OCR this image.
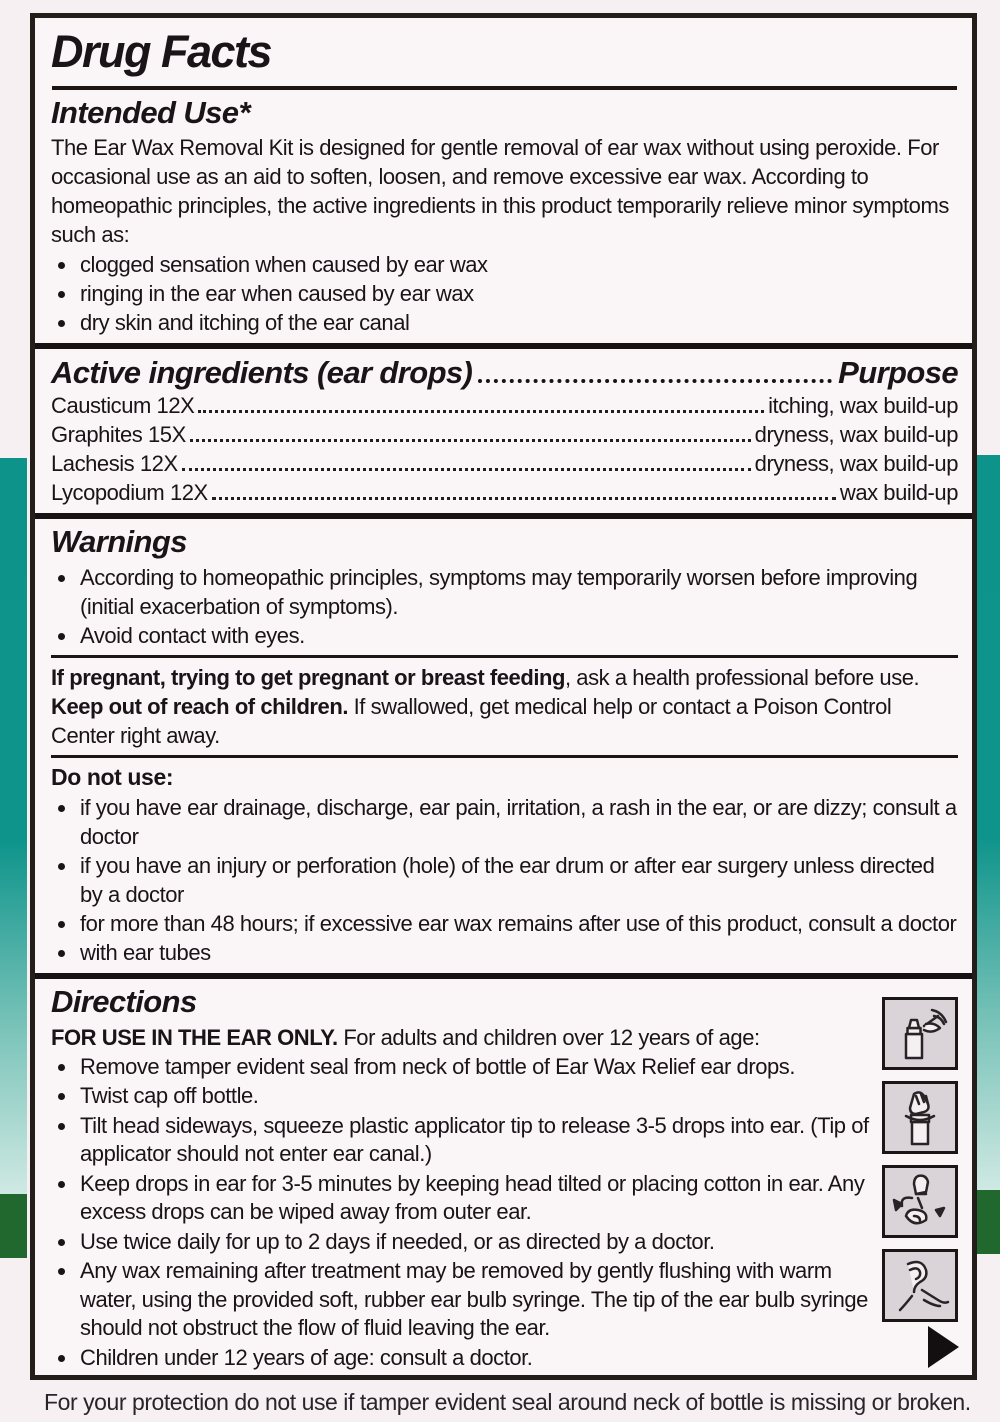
Drug Facts
Intended Use*

The Ear Wax Removal Kit is designed for gentle removal of ear wax without using peroxide. For occasional use as an aid to soften, loosen, and remove excessive ear wax. According to homeopathic principles, the active ingredients in this product temporarily relieve minor symptoms such as:

• clogged sensation when caused by ear wax
• ringing in the ear when caused by ear wax
• dry skin and itching of the ear canal
Active ingredients (ear drops)	Purpose
Causticum 12X	itching, wax build-up
Graphites 15X	dryness, wax build-up
Lachesis 12X	dryness, wax build-up
Lycopodium 12X	wax build-up
Warnings
• According to homeopathic principles, symptoms may temporarily worsen before improving (initial exacerbation of symptoms).
• Avoid contact with eyes.

If pregnant, trying to get pregnant or breast feeding, ask a health professional before use. Keep out of reach of children. If swallowed, get medical help or contact a Poison Control Center right away.

Do not use:
• if you have ear drainage, discharge, ear pain, irritation, a rash in the ear, or are dizzy; consult a doctor
• if you have an injury or perforation (hole) of the ear drum or after ear surgery unless directed by a doctor
• for more than 48 hours; if excessive ear wax remains after use of this product, consult a doctor
• with ear tubes
Directions

FOR USE IN THE EAR ONLY. For adults and children over 12 years of age:

• Remove tamper evident seal from neck of bottle of Ear Wax Relief ear drops.
• Twist cap off bottle.
• Tilt head sideways, squeeze plastic applicator tip to release 3-5 drops into ear. (Tip of applicator should not enter ear canal.)
• Keep drops in ear for 3-5 minutes by keeping head tilted or placing cotton in ear. Any excess drops can be wiped away from outer ear.
• Use twice daily for up to 2 days if needed, or as directed by a doctor.
• Any wax remaining after treatment may be removed by gently flushing with warm water, using the provided soft, rubber ear bulb syringe. The tip of the ear bulb syringe should not obstruct the flow of fluid leaving the ear.
• Children under 12 years of age: consult a doctor.
For your protection do not use if tamper evident seal around neck of bottle is missing or broken.
